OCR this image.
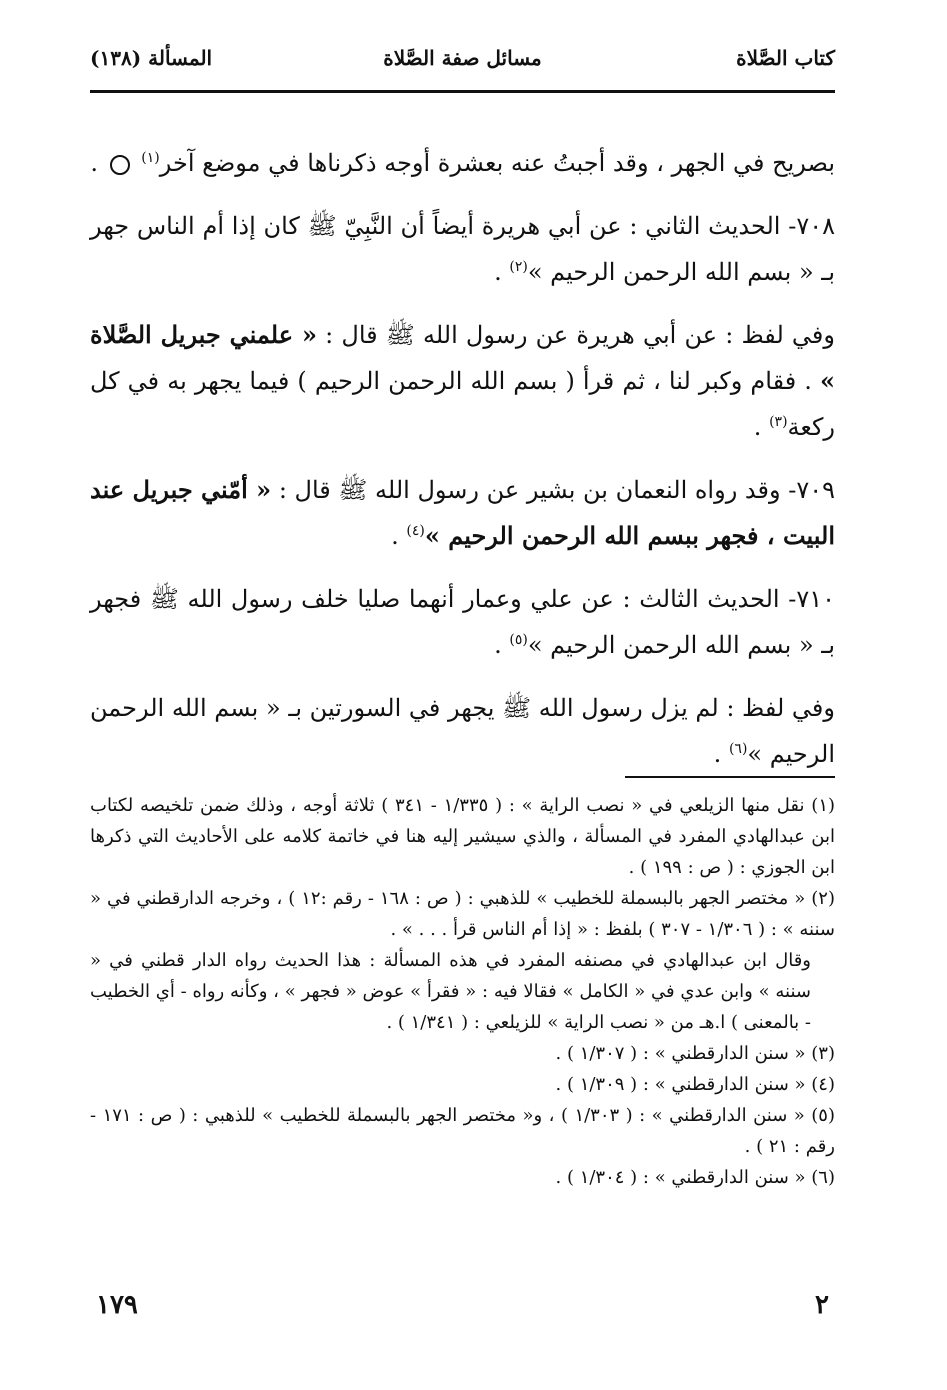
كتاب الصَّلاة
مسائل صفة الصَّلاة
المسألة (١٣٨)

بصريح في الجهر ، وقد أجبتُ عنه بعشرة أوجه ذكرناها في موضع آخر$^{(١)}$  .

٧٠٨- الحديث الثاني : عن أبي هريرة أيضاً أن النَّبِيّ ﷺ كان إذا أم الناس جهر بـ « بسم الله الرحمن الرحيم »$^{(٢)}$ .

وفي لفظ : عن أبي هريرة عن رسول الله ﷺ قال : « علمني جبريل الصَّلاة » . فقام وكبر لنا ، ثم قرأ ( بسم الله الرحمن الرحيم ) فيما يجهر به في كل ركعة$^{(٣)}$ .

٧٠٩- وقد رواه النعمان بن بشير عن رسول الله ﷺ قال : « أمّني جبريل عند البيت ، فجهر ببسم الله الرحمن الرحيم »$^{(٤)}$ .

٧١٠- الحديث الثالث : عن علي وعمار أنهما صليا خلف رسول الله ﷺ فجهر بـ « بسم الله الرحمن الرحيم »$^{(٥)}$ .

وفي لفظ : لم يزل رسول الله ﷺ يجهر في السورتين بـ « بسم الله الرحمن الرحيم »$^{(٦)}$ .

(١) نقل منها الزيلعي في « نصب الراية » : ( ١/٣٣٥ - ٣٤١ ) ثلاثة أوجه ، وذلك ضمن تلخيصه لكتاب ابن عبدالهادي المفرد في المسألة ، والذي سيشير إليه هنا في خاتمة كلامه على الأحاديث التي ذكرها ابن الجوزي : ( ص : ١٩٩ ) .

(٢) « مختصر الجهر بالبسملة للخطيب » للذهبي : ( ص : ١٦٨ - رقم :١٢ ) ، وخرجه الدارقطني في « سننه » : ( ١/٣٠٦ - ٣٠٧ ) بلفظ : « إذا أم الناس قرأ . . . » .
وقال ابن عبدالهادي في مصنفه المفرد في هذه المسألة : هذا الحديث رواه الدار قطني في « سننه » وابن عدي في « الكامل » فقالا فيه : « فقرأ » عوض « فجهر » ، وكأنه رواه - أي الخطيب - بالمعنى ) ا.هـ من « نصب الراية » للزيلعي : ( ١/٣٤١ ) .

(٣) « سنن الدارقطني » : ( ١/٣٠٧ ) .

(٤) « سنن الدارقطني » : ( ١/٣٠٩ ) .

(٥) « سنن الدارقطني » : ( ١/٣٠٣ ) ، و« مختصر الجهر بالبسملة للخطيب » للذهبي : ( ص : ١٧١ - رقم : ٢١ ) .

(٦) « سنن الدارقطني » : ( ١/٣٠٤ ) .

١٧٩	٢
